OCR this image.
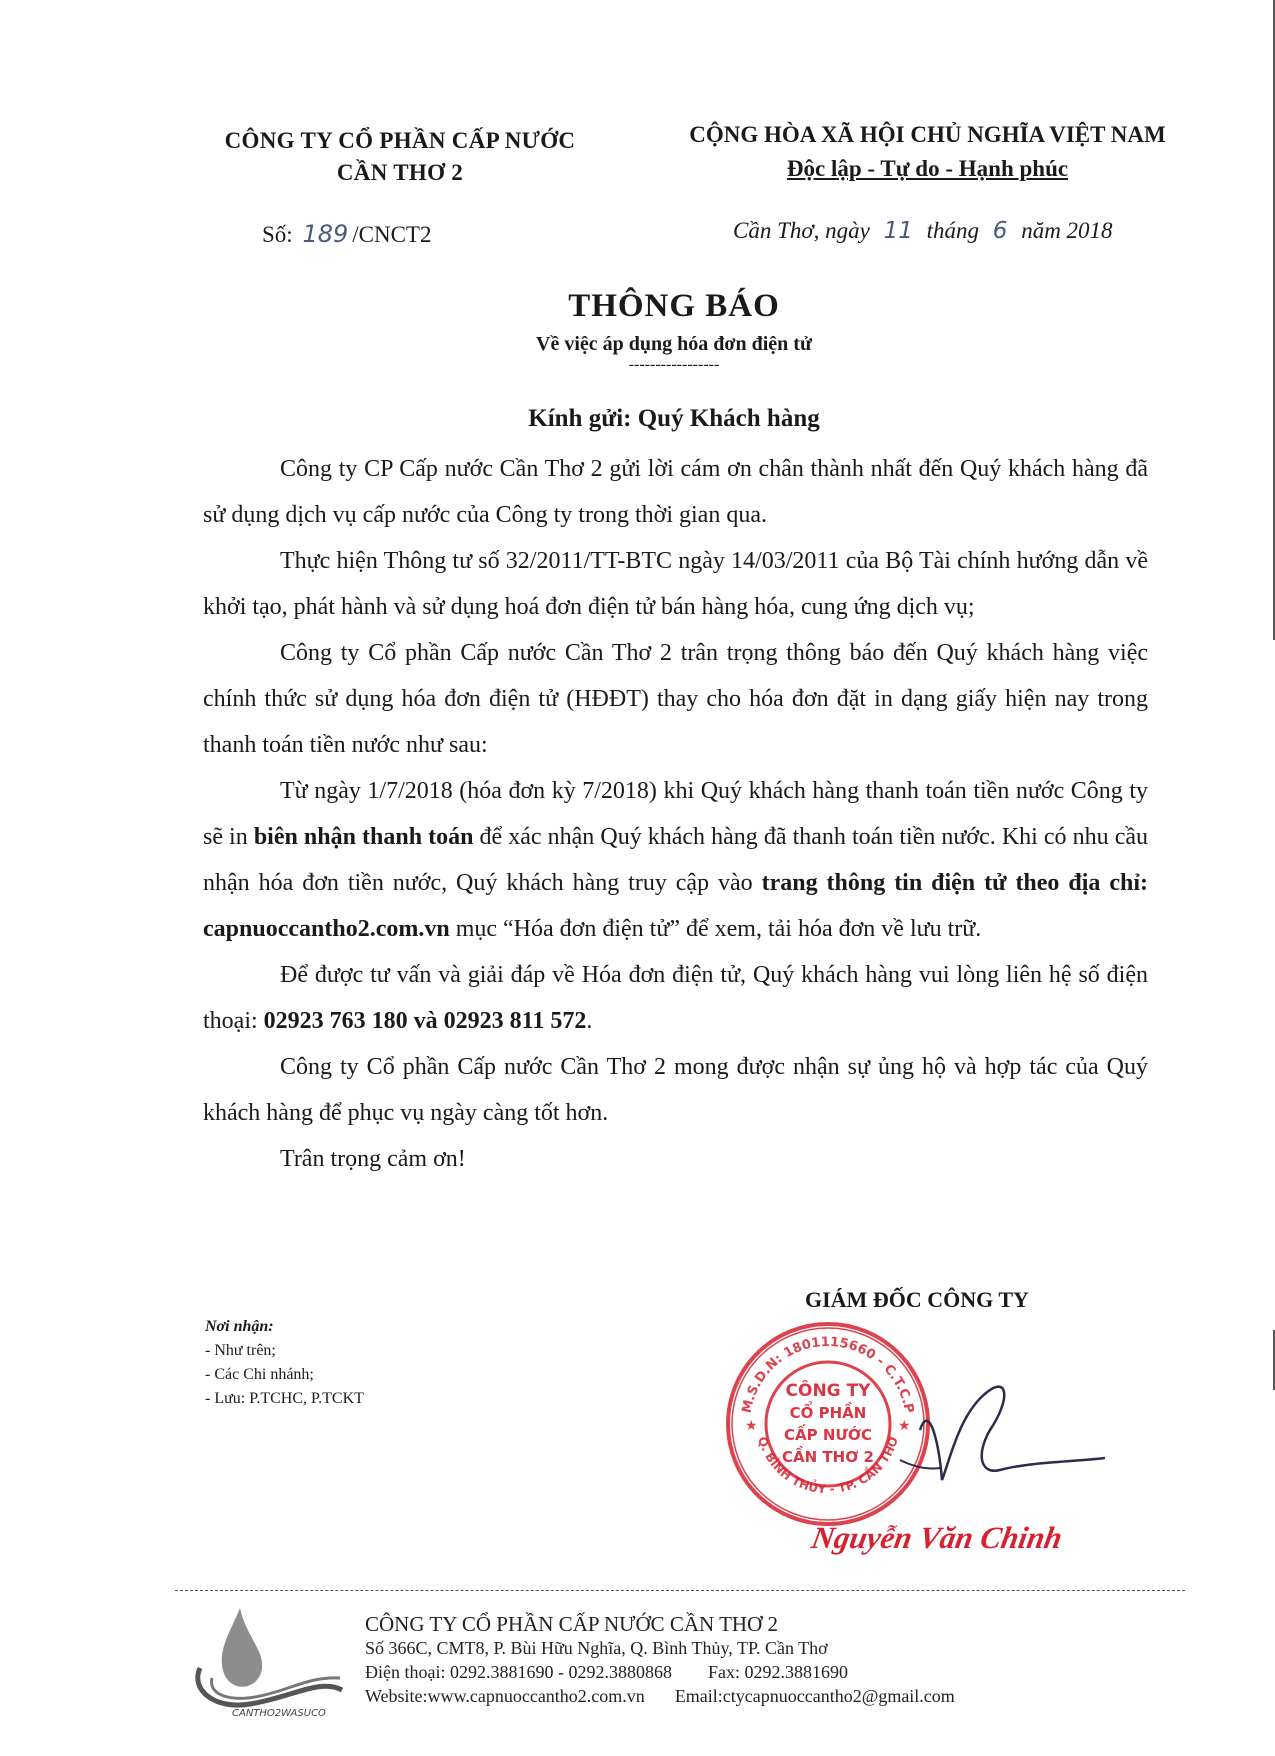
CÔNG TY CỔ PHẦN CẤP NƯỚC
CẦN THƠ 2
CỘNG HÒA XÃ HỘI CHỦ NGHĨA VIỆT NAM
Độc lập - Tự do - Hạnh phúc
Số: 189 /CNCT2	Cần Thơ, ngày 11 tháng 6 năm 2018
THÔNG BÁO
Về việc áp dụng hóa đơn điện tử
-----------------
Kính gửi: Quý Khách hàng

Công ty CP Cấp nước Cần Thơ 2 gửi lời cám ơn chân thành nhất đến Quý khách hàng đã sử dụng dịch vụ cấp nước của Công ty trong thời gian qua.

Thực hiện Thông tư số 32/2011/TT-BTC ngày 14/03/2011 của Bộ Tài chính hướng dẫn về khởi tạo, phát hành và sử dụng hoá đơn điện tử bán hàng hóa, cung ứng dịch vụ;

Công ty Cổ phần Cấp nước Cần Thơ 2 trân trọng thông báo đến Quý khách hàng việc chính thức sử dụng hóa đơn điện tử (HĐĐT) thay cho hóa đơn đặt in dạng giấy hiện nay trong thanh toán tiền nước như sau:

Từ ngày 1/7/2018 (hóa đơn kỳ 7/2018) khi Quý khách hàng thanh toán tiền nước Công ty sẽ in biên nhận thanh toán để xác nhận Quý khách hàng đã thanh toán tiền nước. Khi có nhu cầu nhận hóa đơn tiền nước, Quý khách hàng truy cập vào trang thông tin điện tử theo địa chỉ: capnuoccantho2.com.vn mục “Hóa đơn điện tử” để xem, tải hóa đơn về lưu trữ.

Để được tư vấn và giải đáp về Hóa đơn điện tử, Quý khách hàng vui lòng liên hệ số điện thoại: 02923 763 180 và 02923 811 572.

Công ty Cổ phần Cấp nước Cần Thơ 2 mong được nhận sự ủng hộ và hợp tác của Quý khách hàng để phục vụ ngày càng tốt hơn.

Trân trọng cảm ơn!

Nơi nhận:
- Như trên;
- Các Chi nhánh;
- Lưu: P.TCHC, P.TCKT
GIÁM ĐỐC CÔNG TY
M.S.D.N: 1801115660 - C.T.C.P
Q. BÌNH THỦY - TP. CẦN THƠ
★	★
CÔNG TY
CỔ PHẦN
CẤP NƯỚC
CẦN THƠ 2
Nguyễn Văn Chinh
CANTHO2WASUCO
CÔNG TY CỔ PHẦN CẤP NƯỚC CẦN THƠ 2
Số 366C, CMT8, P. Bùi Hữu Nghĩa, Q. Bình Thủy, TP. Cần Thơ
Điện thoại: 0292.3881690 - 0292.3880868 Fax: 0292.3881690
Website:www.capnuoccantho2.com.vn Email:ctycapnuoccantho2@gmail.com
